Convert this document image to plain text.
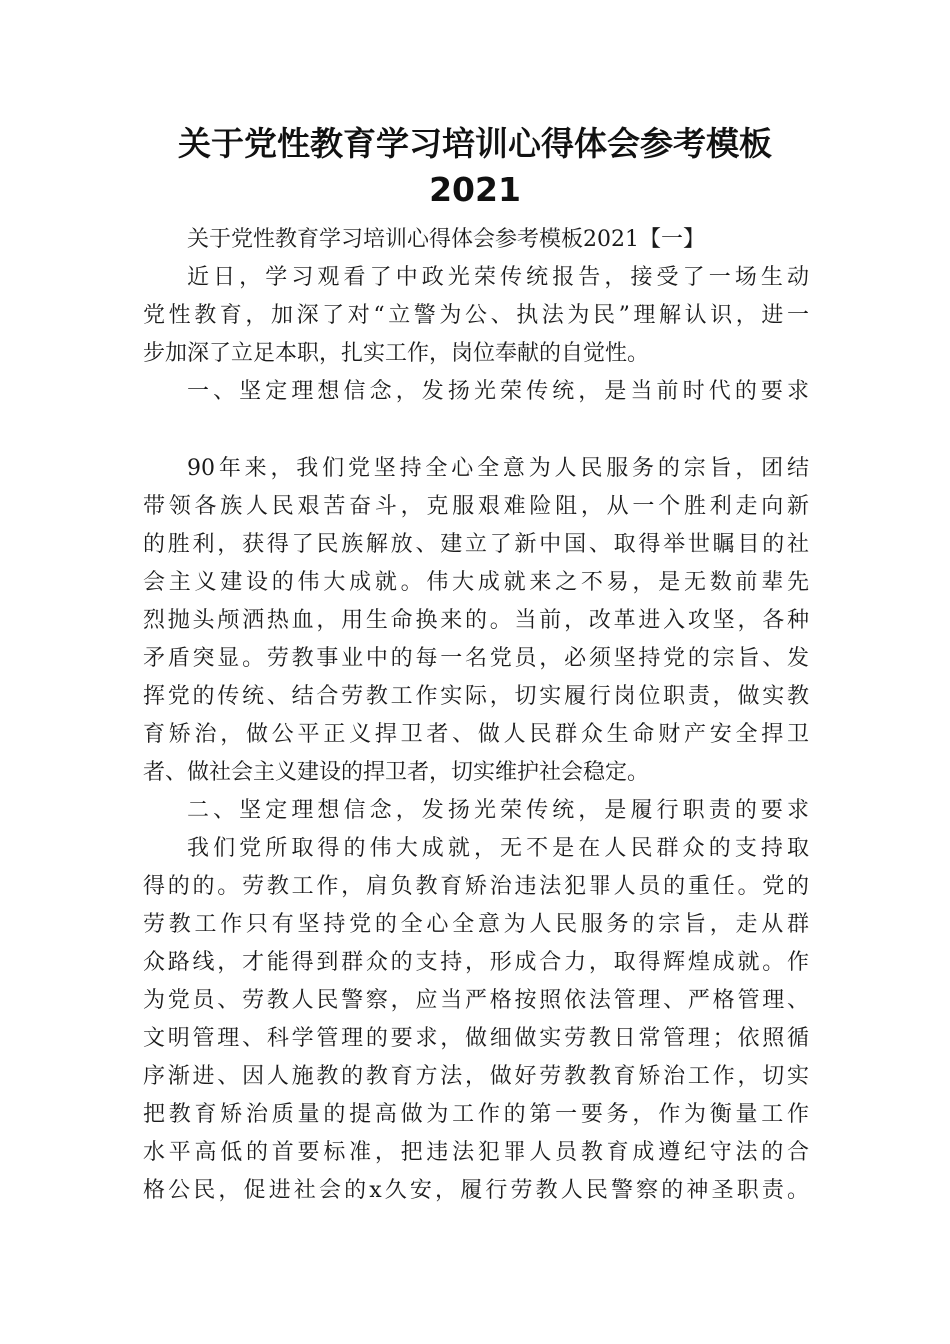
关于党性教育学习培训心得体会参考模板
2021

关于党性教育学习培训心得体会参考模板2021【一】

近日，学习观看了中政光荣传统报告，接受了一场生动

党性教育，加深了对“立警为公、执法为民”理解认识，进一

步加深了立足本职，扎实工作，岗位奉献的自觉性。

一、坚定理想信念，发扬光荣传统，是当前时代的要求

90年来，我们党坚持全心全意为人民服务的宗旨，团结

带领各族人民艰苦奋斗，克服艰难险阻，从一个胜利走向新

的胜利，获得了民族解放、建立了新中国、取得举世瞩目的社

会主义建设的伟大成就。伟大成就来之不易，是无数前辈先

烈抛头颅洒热血，用生命换来的。当前，改革进入攻坚，各种

矛盾突显。劳教事业中的每一名党员，必须坚持党的宗旨、发

挥党的传统、结合劳教工作实际，切实履行岗位职责，做实教

育矫治，做公平正义捍卫者、做人民群众生命财产安全捍卫

者、做社会主义建设的捍卫者，切实维护社会稳定。

二、坚定理想信念，发扬光荣传统，是履行职责的要求

我们党所取得的伟大成就，无不是在人民群众的支持取

得的的。劳教工作，肩负教育矫治违法犯罪人员的重任。党的

劳教工作只有坚持党的全心全意为人民服务的宗旨，走从群

众路线，才能得到群众的支持，形成合力，取得辉煌成就。作

为党员、劳教人民警察，应当严格按照依法管理、严格管理、

文明管理、科学管理的要求，做细做实劳教日常管理；依照循

序渐进、因人施教的教育方法，做好劳教教育矫治工作，切实

把教育矫治质量的提高做为工作的第一要务，作为衡量工作

水平高低的首要标准，把违法犯罪人员教育成遵纪守法的合

格公民，促进社会的x久安，履行劳教人民警察的神圣职责。
